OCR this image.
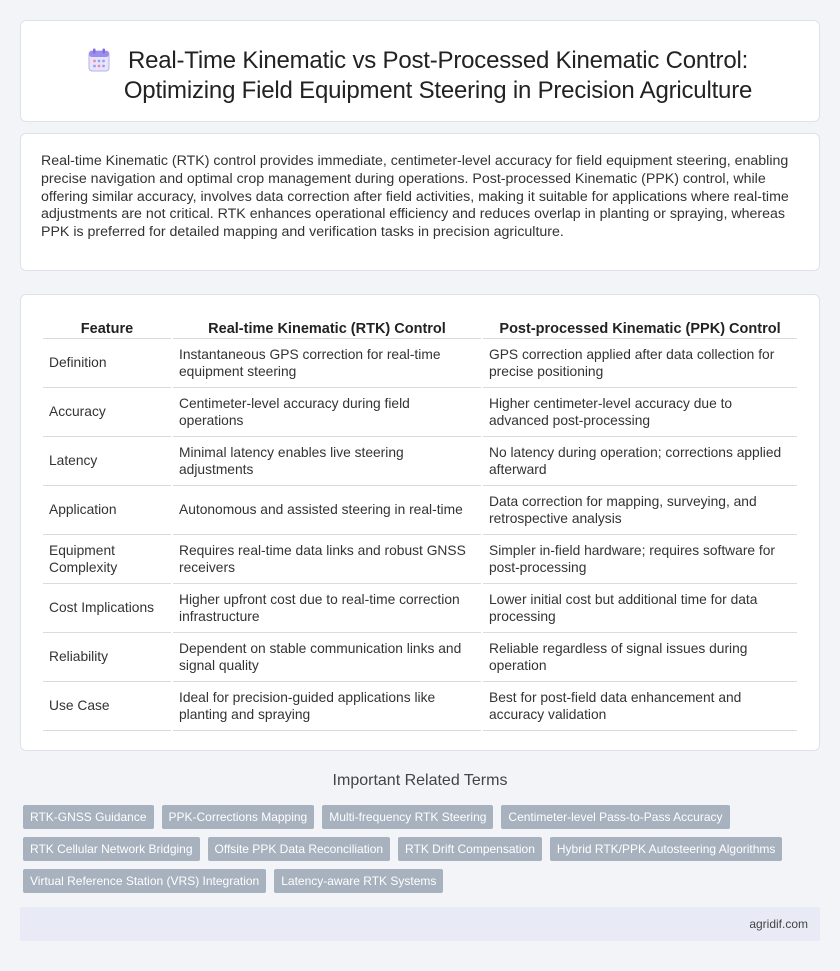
Real-Time Kinematic vs Post-Processed Kinematic Control:
Optimizing Field Equipment Steering in Precision Agriculture

Real-time Kinematic (RTK) control provides immediate, centimeter-level accuracy for field equipment steering, enabling precise navigation and optimal crop management during operations. Post-processed Kinematic (PPK) control, while offering similar accuracy, involves data correction after field activities, making it suitable for applications where real-time adjustments are not critical. RTK enhances operational efficiency and reduces overlap in planting or spraying, whereas PPK is preferred for detailed mapping and verification tasks in precision agriculture.

Feature	Real-time Kinematic (RTK) Control	Post-processed Kinematic (PPK) Control
Definition	Instantaneous GPS correction for real-time equipment steering	GPS correction applied after data collection for precise positioning
Accuracy	Centimeter-level accuracy during field operations	Higher centimeter-level accuracy due to advanced post-processing
Latency	Minimal latency enables live steering adjustments	No latency during operation; corrections applied afterward
Application	Autonomous and assisted steering in real-time	Data correction for mapping, surveying, and retrospective analysis
Equipment Complexity	Requires real-time data links and robust GNSS receivers	Simpler in-field hardware; requires software for post-processing
Cost Implications	Higher upfront cost due to real-time correction infrastructure	Lower initial cost but additional time for data processing
Reliability	Dependent on stable communication links and signal quality	Reliable regardless of signal issues during operation
Use Case	Ideal for precision-guided applications like planting and spraying	Best for post-field data enhancement and accuracy validation
Important Related Terms
RTK-GNSS Guidance	PPK-Corrections Mapping	Multi-frequency RTK Steering	Centimeter-level Pass-to-Pass Accuracy
RTK Cellular Network Bridging	Offsite PPK Data Reconciliation	RTK Drift Compensation	Hybrid RTK/PPK Autosteering Algorithms
Virtual Reference Station (VRS) Integration	Latency-aware RTK Systems
agridif.com
